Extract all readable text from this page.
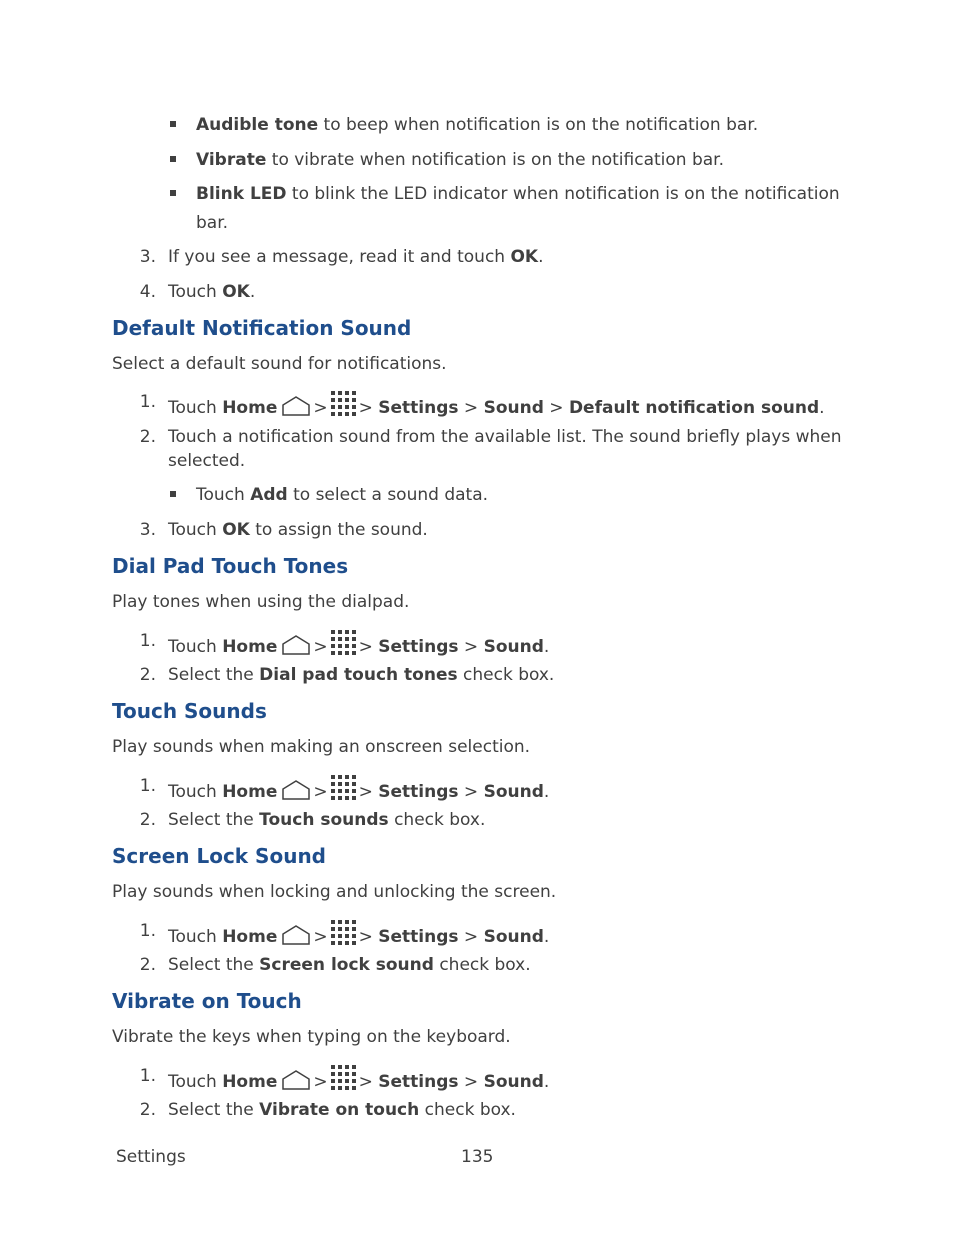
Audible tone to beep when notification is on the notification bar.
Vibrate to vibrate when notification is on the notification bar.
Blink LED to blink the LED indicator when notification is on the notification
bar.
3. If you see a message, read it and touch OK.
4. Touch OK.
Default Notification Sound
Select a default sound for notifications.
1. Touch Home > > Settings > Sound > Default notification sound.
2. Touch a notification sound from the available list. The sound briefly plays when
selected.
Touch Add to select a sound data.
3. Touch OK to assign the sound.
Dial Pad Touch Tones
Play tones when using the dialpad.
1. Touch Home > > Settings > Sound.
2. Select the Dial pad touch tones check box.
Touch Sounds
Play sounds when making an onscreen selection.
1. Touch Home > > Settings > Sound.
2. Select the Touch sounds check box.
Screen Lock Sound
Play sounds when locking and unlocking the screen.
1. Touch Home > > Settings > Sound.
2. Select the Screen lock sound check box.
Vibrate on Touch
Vibrate the keys when typing on the keyboard.
1. Touch Home > > Settings > Sound.
2. Select the Vibrate on touch check box.
Settings	135
